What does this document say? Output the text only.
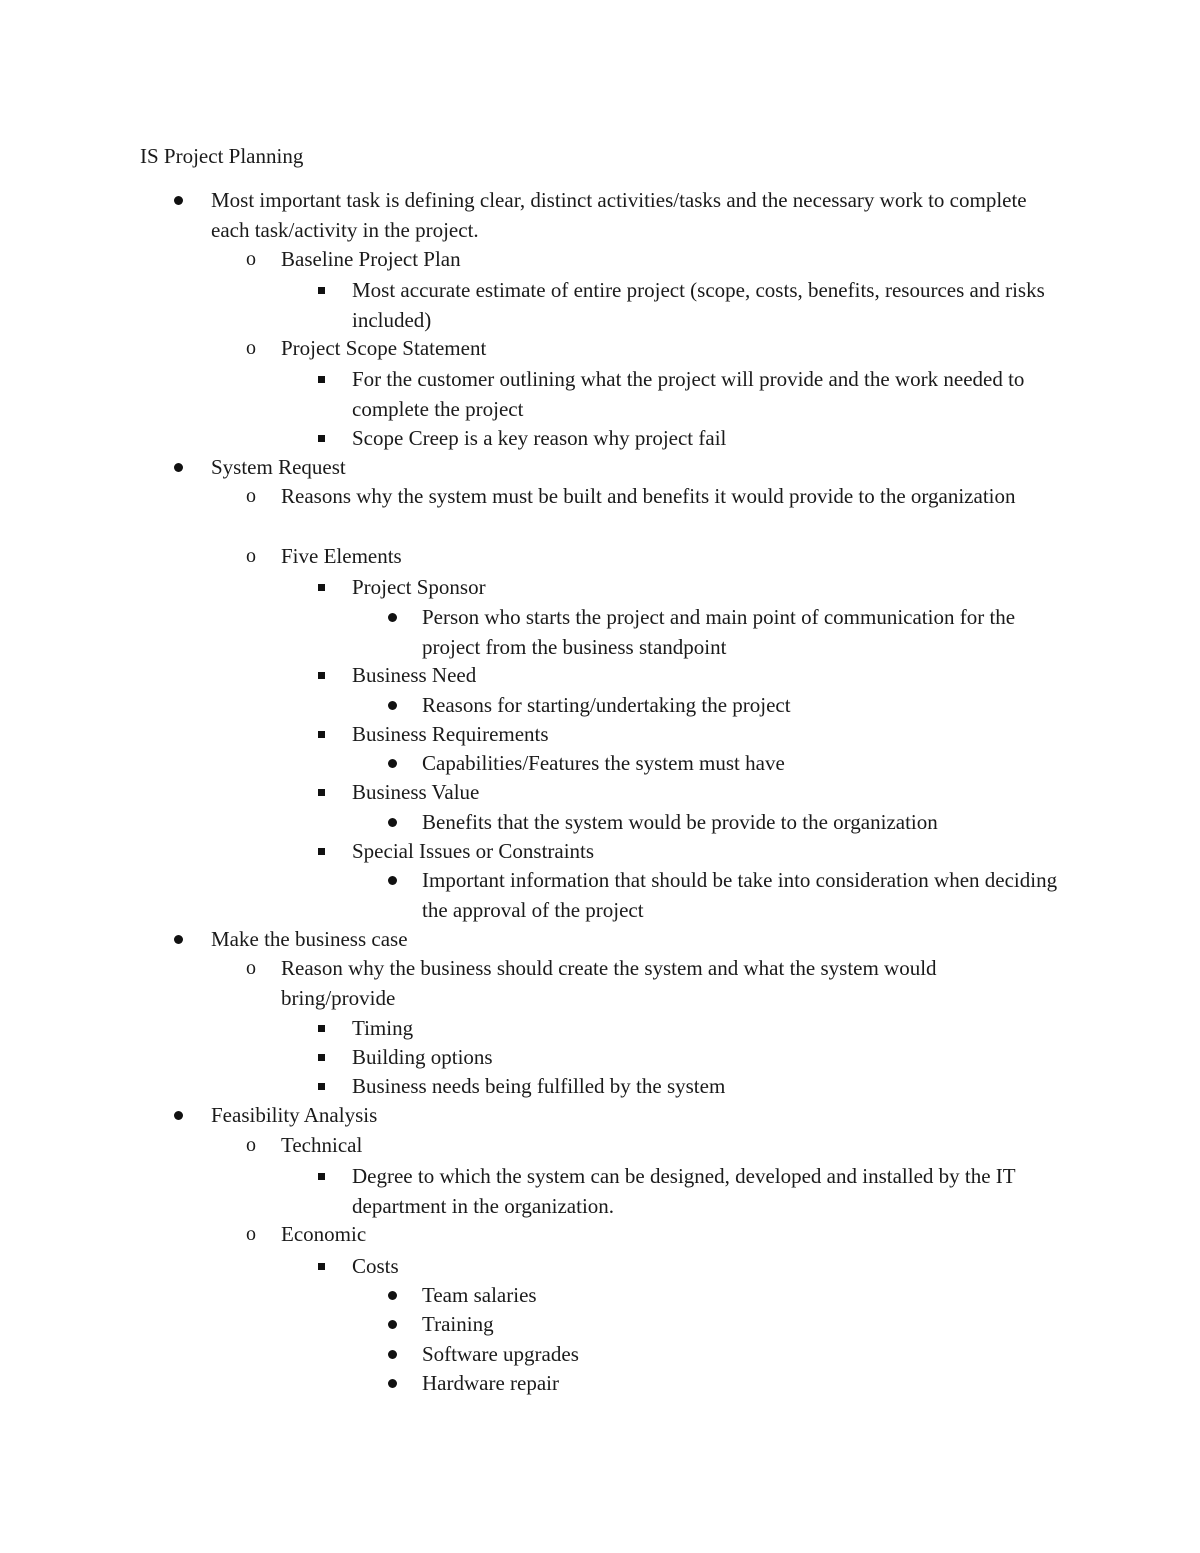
IS Project Planning
Most important task is defining clear, distinct activities/tasks and the necessary work to complete each task/activity in the project.
o Baseline Project Plan
Most accurate estimate of entire project (scope, costs, benefits, resources and risks included)
o Project Scope Statement
For the customer outlining what the project will provide and the work needed to complete the project
Scope Creep is a key reason why project fail
System Request
o Reasons why the system must be built and benefits it would provide to the organization
o Five Elements
Project Sponsor
Person who starts the project and main point of communication for the project from the business standpoint
Business Need
Reasons for starting/undertaking the project
Business Requirements
Capabilities/Features the system must have
Business Value
Benefits that the system would be provide to the organization
Special Issues or Constraints
Important information that should be take into consideration when deciding the approval of the project
Make the business case
o Reason why the business should create the system and what the system would bring/provide
Timing
Building options
Business needs being fulfilled by the system
Feasibility Analysis
o Technical
Degree to which the system can be designed, developed and installed by the IT department in the organization.
o Economic
Costs
Team salaries
Training
Software upgrades
Hardware repair
